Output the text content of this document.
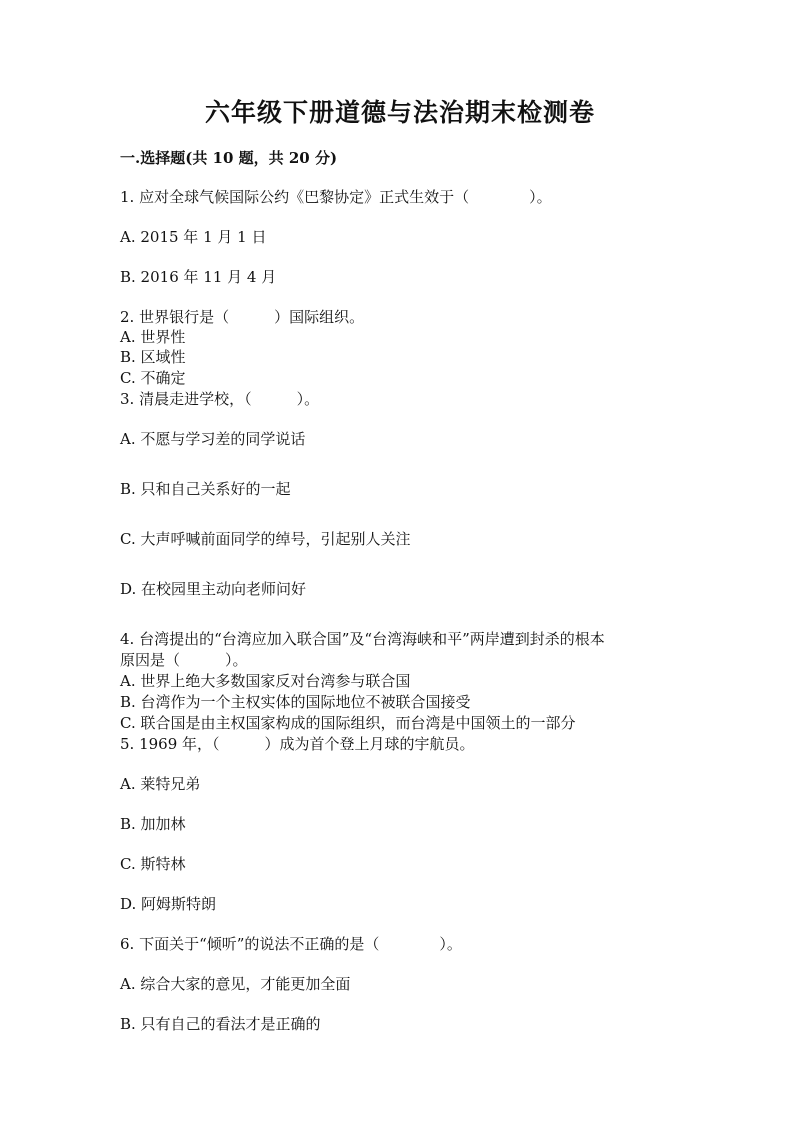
六年级下册道德与法治期末检测卷
一.选择题(共 10 题，共 20 分)
1. 应对全球气候国际公约《巴黎协定》正式生效于（　　　　）。
A. 2015 年 1 月 1 日
B. 2016 年 11 月 4 月
2. 世界银行是（　　　）国际组织。
A. 世界性
B. 区域性
C. 不确定
3. 清晨走进学校，（　　　）。
A. 不愿与学习差的同学说话
B. 只和自己关系好的一起
C. 大声呼喊前面同学的绰号，引起别人关注
D. 在校园里主动向老师问好
4. 台湾提出的“台湾应加入联合国”及“台湾海峡和平”两岸遭到封杀的根本
原因是（　　　）。
A. 世界上绝大多数国家反对台湾参与联合国
B. 台湾作为一个主权实体的国际地位不被联合国接受
C. 联合国是由主权国家构成的国际组织，而台湾是中国领土的一部分
5. 1969 年，（　　　）成为首个登上月球的宇航员。
A. 莱特兄弟
B. 加加林
C. 斯特林
D. 阿姆斯特朗
6. 下面关于“倾听”的说法不正确的是（　　　　）。
A. 综合大家的意见，才能更加全面
B. 只有自己的看法才是正确的
